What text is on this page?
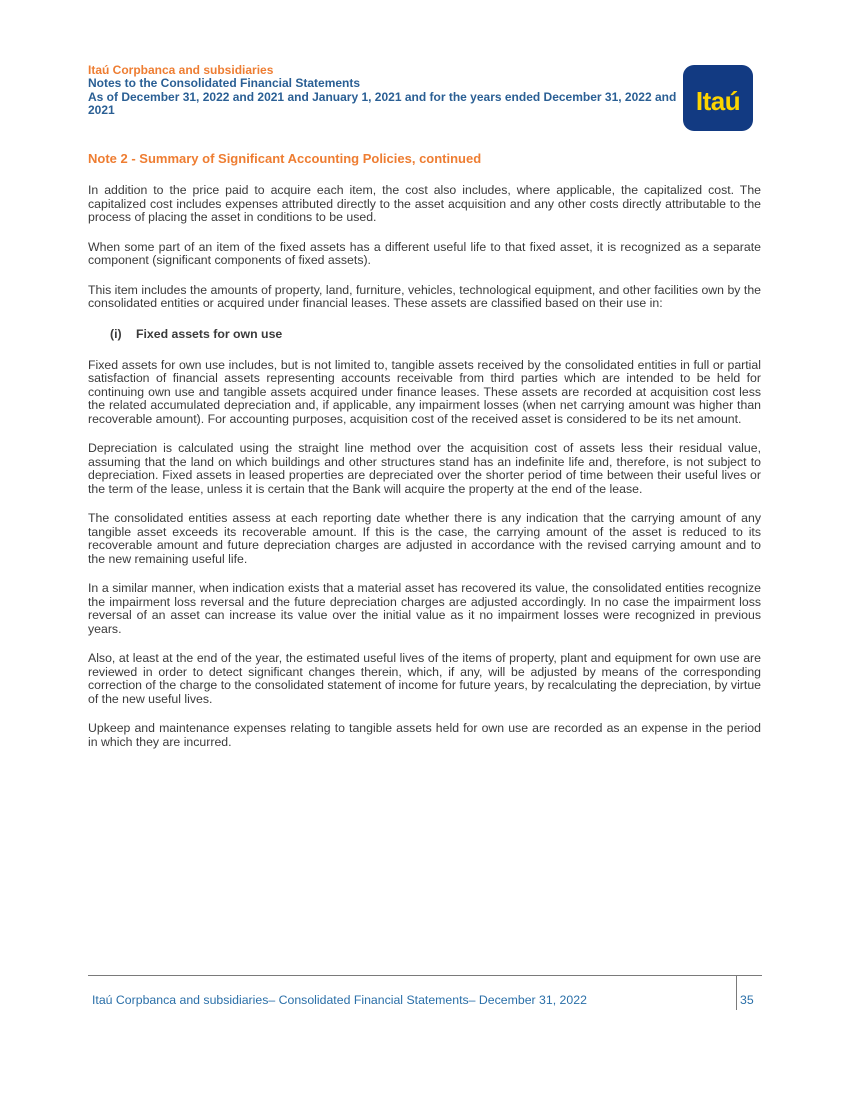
Itaú Corpbanca and subsidiaries
Notes to the Consolidated Financial Statements
As of December 31, 2022 and 2021 and January 1, 2021 and for the years ended December 31, 2022 and 2021	Itaú
Note 2 - Summary of Significant Accounting Policies, continued

In addition to the price paid to acquire each item, the cost also includes, where applicable, the capitalized cost. The capitalized cost includes expenses attributed directly to the asset acquisition and any other costs directly attributable to the process of placing the asset in conditions to be used.

When some part of an item of the fixed assets has a different useful life to that fixed asset, it is recognized as a separate component (significant components of fixed assets).

This item includes the amounts of property, land, furniture, vehicles, technological equipment, and other facilities own by the consolidated entities or acquired under financial leases. These assets are classified based on their use in:

(i) Fixed assets for own use

Fixed assets for own use includes, but is not limited to, tangible assets received by the consolidated entities in full or partial satisfaction of financial assets representing accounts receivable from third parties which are intended to be held for continuing own use and tangible assets acquired under finance leases. These assets are recorded at acquisition cost less the related accumulated depreciation and, if applicable, any impairment losses (when net carrying amount was higher than recoverable amount). For accounting purposes, acquisition cost of the received asset is considered to be its net amount.

Depreciation is calculated using the straight line method over the acquisition cost of assets less their residual value, assuming that the land on which buildings and other structures stand has an indefinite life and, therefore, is not subject to depreciation. Fixed assets in leased properties are depreciated over the shorter period of time between their useful lives or the term of the lease, unless it is certain that the Bank will acquire the property at the end of the lease.

The consolidated entities assess at each reporting date whether there is any indication that the carrying amount of any tangible asset exceeds its recoverable amount. If this is the case, the carrying amount of the asset is reduced to its recoverable amount and future depreciation charges are adjusted in accordance with the revised carrying amount and to the new remaining useful life.

In a similar manner, when indication exists that a material asset has recovered its value, the consolidated entities recognize the impairment loss reversal and the future depreciation charges are adjusted accordingly. In no case the impairment loss reversal of an asset can increase its value over the initial value as it no impairment losses were recognized in previous years.

Also, at least at the end of the year, the estimated useful lives of the items of property, plant and equipment for own use are reviewed in order to detect significant changes therein, which, if any, will be adjusted by means of the corresponding correction of the charge to the consolidated statement of income for future years, by recalculating the depreciation, by virtue of the new useful lives.

Upkeep and maintenance expenses relating to tangible assets held for own use are recorded as an expense in the period in which they are incurred.

Itaú Corpbanca and subsidiaries– Consolidated Financial Statements– December 31, 2022	35
